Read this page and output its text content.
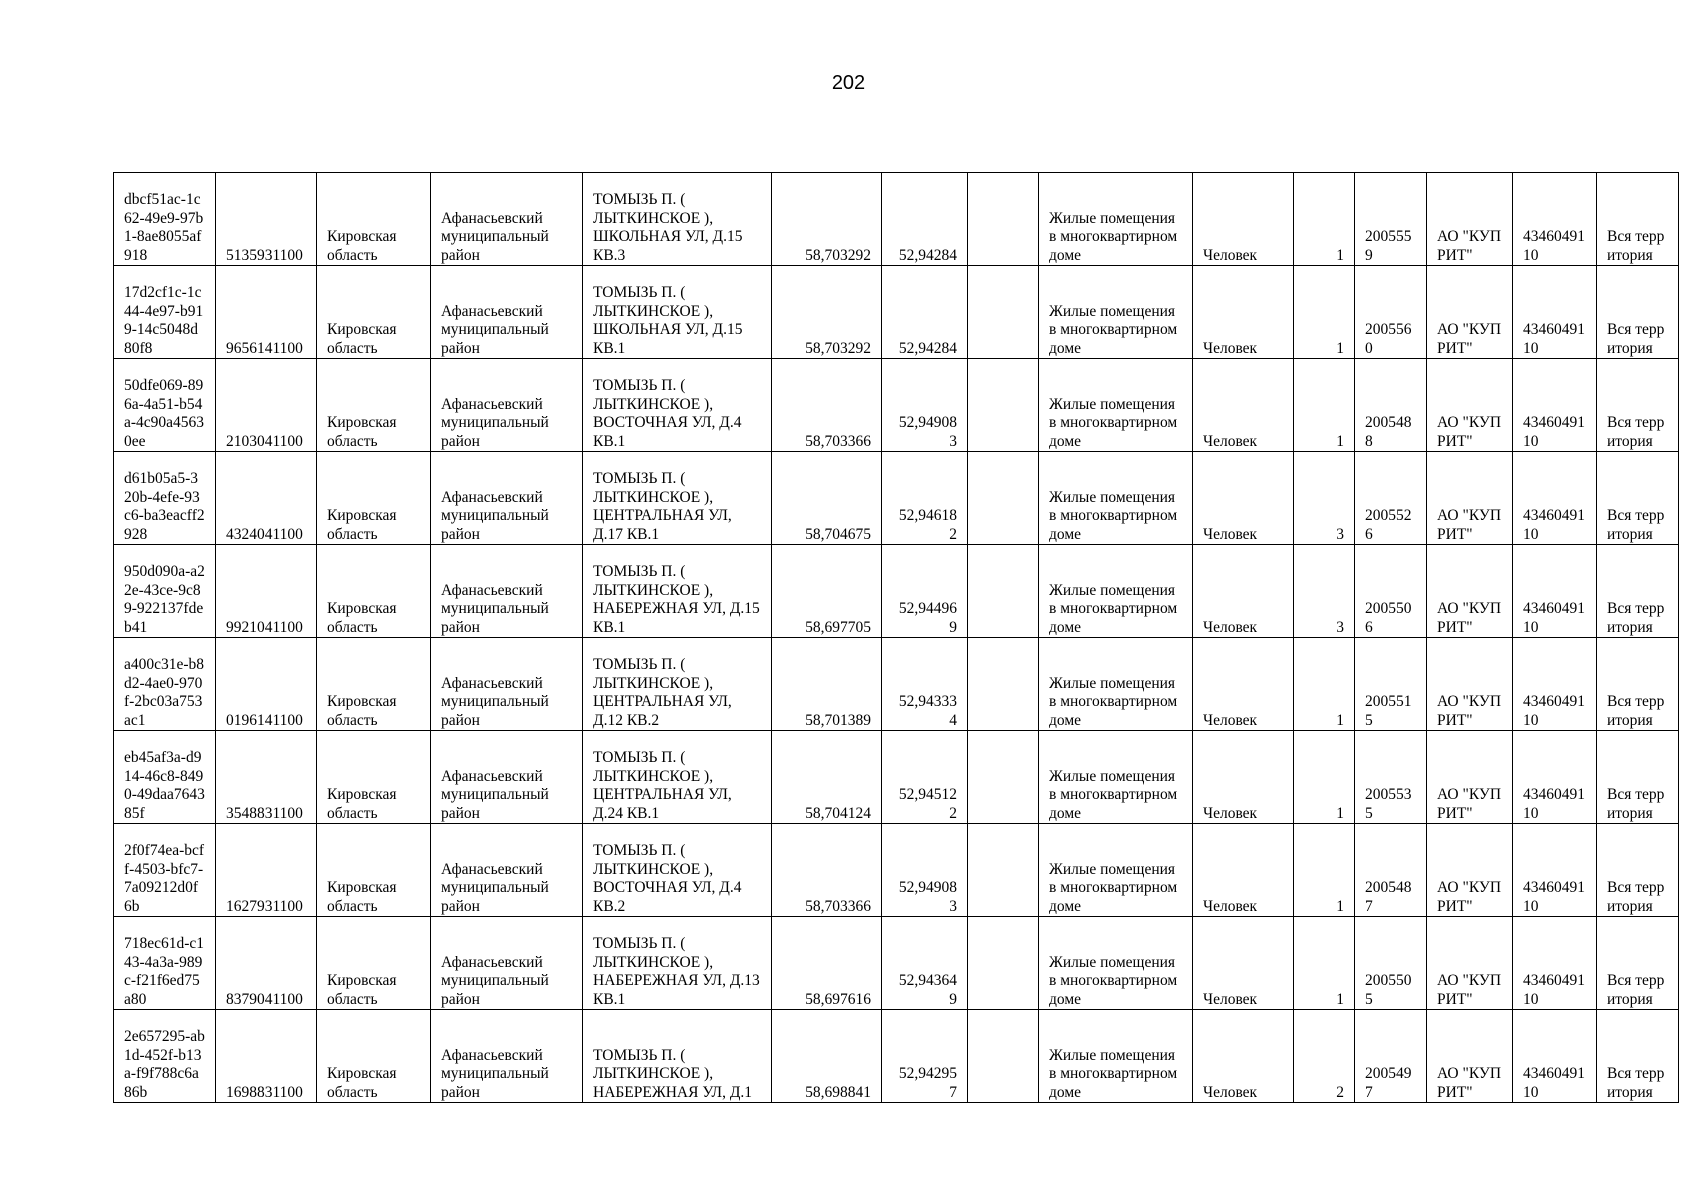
202
dbcf51ac-1c62-49e9-97b1-8ae8055af918	5135931100	Кировская область	Афанасьевский муниципальный район	ТОМЫЗЬ П. ( ЛЫТКИНСКОЕ ), ШКОЛЬНАЯ УЛ, Д.15 КВ.3	58,703292	52,94284		Жилые помещения в многоквартирном доме	Человек	1	2005559	АО "КУПРИТ"	4346049110	Вся территория
17d2cf1c-1c44-4e97-b919-14c5048d80f8	9656141100	Кировская область	Афанасьевский муниципальный район	ТОМЫЗЬ П. ( ЛЫТКИНСКОЕ ), ШКОЛЬНАЯ УЛ, Д.15 КВ.1	58,703292	52,94284		Жилые помещения в многоквартирном доме	Человек	1	2005560	АО "КУПРИТ"	4346049110	Вся территория
50dfe069-896a-4a51-b54a-4c90a45630ee	2103041100	Кировская область	Афанасьевский муниципальный район	ТОМЫЗЬ П. ( ЛЫТКИНСКОЕ ), ВОСТОЧНАЯ УЛ, Д.4 КВ.1	58,703366	52,949083		Жилые помещения в многоквартирном доме	Человек	1	2005488	АО "КУПРИТ"	4346049110	Вся территория
d61b05a5-320b-4efe-93c6-ba3eacff2928	4324041100	Кировская область	Афанасьевский муниципальный район	ТОМЫЗЬ П. ( ЛЫТКИНСКОЕ ), ЦЕНТРАЛЬНАЯ УЛ, Д.17 КВ.1	58,704675	52,946182		Жилые помещения в многоквартирном доме	Человек	3	2005526	АО "КУПРИТ"	4346049110	Вся территория
950d090a-a22e-43ce-9c89-922137fdeb41	9921041100	Кировская область	Афанасьевский муниципальный район	ТОМЫЗЬ П. ( ЛЫТКИНСКОЕ ), НАБЕРЕЖНАЯ УЛ, Д.15 КВ.1	58,697705	52,944969		Жилые помещения в многоквартирном доме	Человек	3	2005506	АО "КУПРИТ"	4346049110	Вся территория
a400c31e-b8d2-4ae0-970f-2bc03a753ac1	0196141100	Кировская область	Афанасьевский муниципальный район	ТОМЫЗЬ П. ( ЛЫТКИНСКОЕ ), ЦЕНТРАЛЬНАЯ УЛ, Д.12 КВ.2	58,701389	52,943334		Жилые помещения в многоквартирном доме	Человек	1	2005515	АО "КУПРИТ"	4346049110	Вся территория
eb45af3a-d914-46c8-8490-49daa764385f	3548831100	Кировская область	Афанасьевский муниципальный район	ТОМЫЗЬ П. ( ЛЫТКИНСКОЕ ), ЦЕНТРАЛЬНАЯ УЛ, Д.24 КВ.1	58,704124	52,945122		Жилые помещения в многоквартирном доме	Человек	1	2005535	АО "КУПРИТ"	4346049110	Вся территория
2f0f74ea-bcff-4503-bfc7-7a09212d0f6b	1627931100	Кировская область	Афанасьевский муниципальный район	ТОМЫЗЬ П. ( ЛЫТКИНСКОЕ ), ВОСТОЧНАЯ УЛ, Д.4 КВ.2	58,703366	52,949083		Жилые помещения в многоквартирном доме	Человек	1	2005487	АО "КУПРИТ"	4346049110	Вся территория
718ec61d-c143-4a3a-989c-f21f6ed75a80	8379041100	Кировская область	Афанасьевский муниципальный район	ТОМЫЗЬ П. ( ЛЫТКИНСКОЕ ), НАБЕРЕЖНАЯ УЛ, Д.13 КВ.1	58,697616	52,943649		Жилые помещения в многоквартирном доме	Человек	1	2005505	АО "КУПРИТ"	4346049110	Вся территория
2e657295-ab1d-452f-b13a-f9f788c6a86b	1698831100	Кировская область	Афанасьевский муниципальный район	ТОМЫЗЬ П. ( ЛЫТКИНСКОЕ ), НАБЕРЕЖНАЯ УЛ, Д.1	58,698841	52,942957		Жилые помещения в многоквартирном доме	Человек	2	2005497	АО "КУПРИТ"	4346049110	Вся территория
